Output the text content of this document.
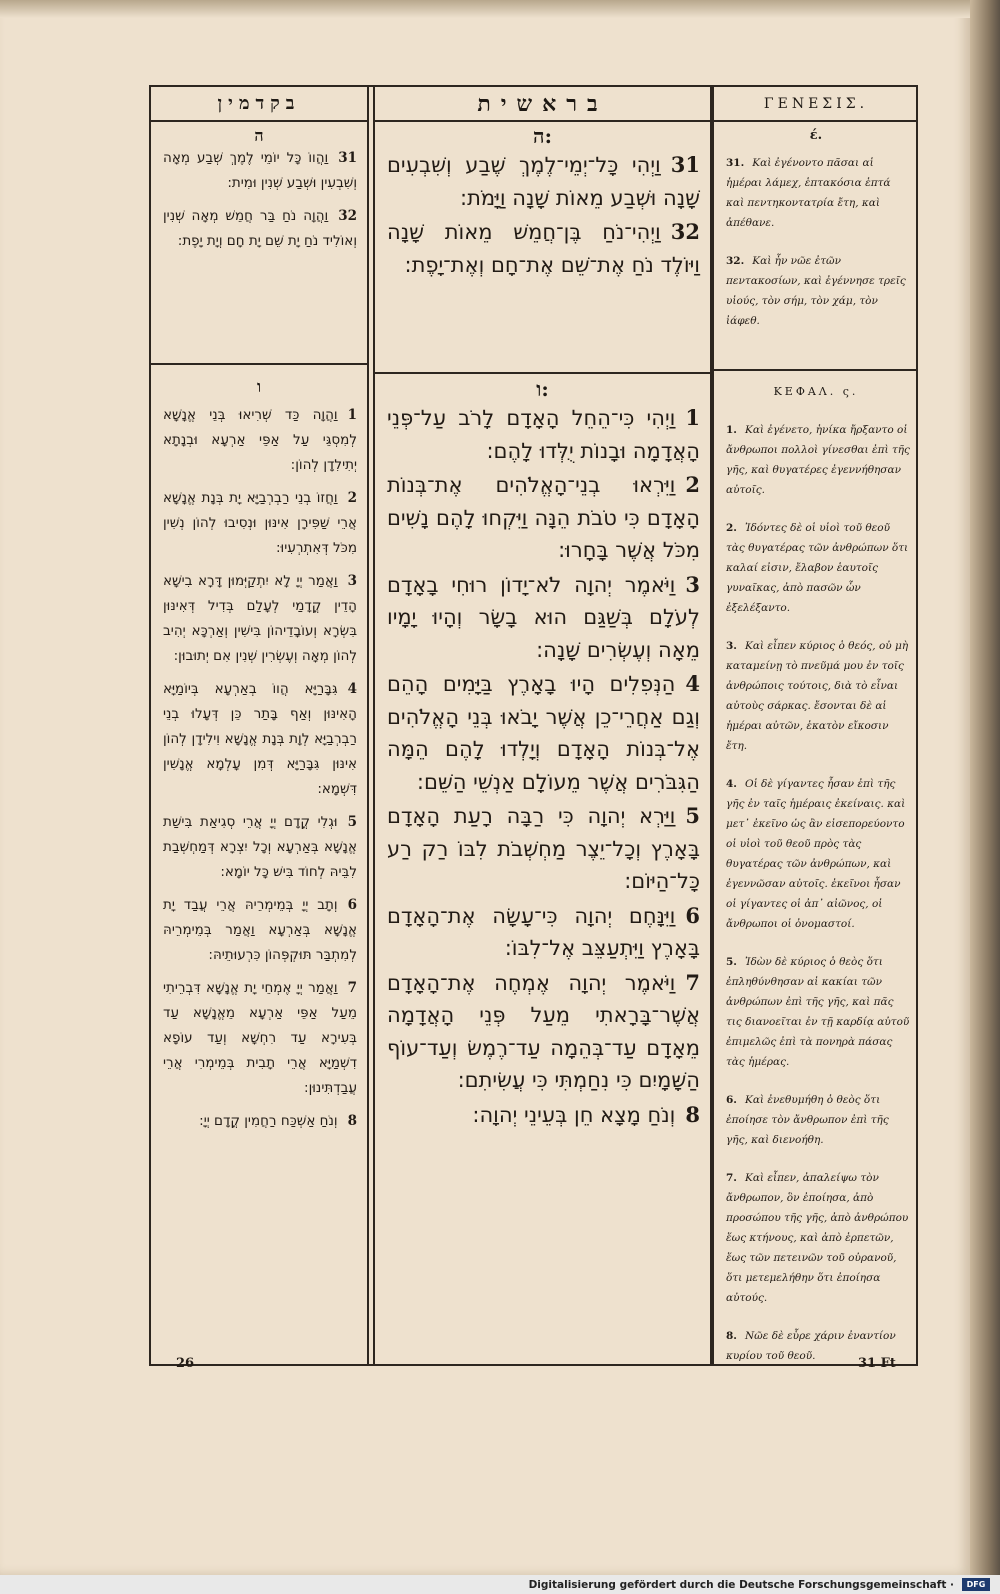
בקדמין
ה
31וַהֲווֹ כָּל יוֹמֵי לֶמֶךְ שְׁבַע מְאָה וְשִׁבְעִין וּשְׁבַע שְׁנִין וּמִית:
32וַהֲוָה נֹחַ בַּר חֲמֵשׁ מְאָה שְׁנִין וְאוֹלִיד נֹחַ יָת שֵׁם יָת חָם וְיָת יָפֶת:
ו
1וַהֲוָה כַּד שְׁרִיאוּ בְּנֵי אֱנָשָׁא לְמִסְגֵּי עַל אַפֵּי אַרְעָא וּבְנָתָא יְתִילִדָן לְהוֹן:
2וַחֲזוֹ בְנֵי רַבְרְבַיָּא יָת בְּנָת אֱנָשָׁא אֲרֵי שַׁפִּירָן אִינּוּן וּנְסִיבוּ לְהוֹן נְשִׁין מִכֹּל דְּאִתְרְעִיוּ:
3וַאֲמַר יְיָ לָא יִתְקַיְּמוּן דָּרָא בִישָׁא הָדֵין קֳדָמַי לְעָלַם בְּדִיל דְּאִינּוּן בִּשְׂרָא וְעוֹבָדֵיהוֹן בִּישִׁין וְאַרְכָּא יְהִיב לְהוֹן מְאָה וְעֶשְׂרִין שְׁנִין אִם יְתוּבוּן:
4גִּבָּרַיָּא הֲווֹ בְאַרְעָא בְּיוֹמַיָּא הָאִינּוּן וְאַף בָּתַר כֵּן דְּעָלוּ בְנֵי רַבְרְבַיָּא לְוָת בְּנָת אֱנָשָׁא וִילִידָן לְהוֹן אִינּוּן גִּבָּרַיָּא דְּמִן עָלְמָא אֱנָשִׁין דִּשְׁמָא:
5וּגְלִי קֳדָם יְיָ אֲרֵי סְגִיאַת בִּישַׁת אֱנָשָׁא בְּאַרְעָא וְכָל יִצְרָא דְּמַחְשְׁבַת לִבֵּיהּ לְחוֹד בִּישׁ כָּל יוֹמָא:
6וְתָב יְיָ בְּמֵימְרֵיהּ אֲרֵי עֲבַד יָת אֱנָשָׁא בְּאַרְעָא וַאֲמַר בְּמֵימְרֵיהּ לְמִתְבַּר תּוּקְפְּהוֹן כִּרְעוּתֵיהּ:
7וַאֲמַר יְיָ אֶמְחֵי יָת אֱנָשָׁא דִּבְרֵיתִי מֵעַל אַפֵּי אַרְעָא מֵאֱנָשָׁא עַד בְּעִירָא עַד רִחְשָׁא וְעַד עוֹפָא דִשְׁמַיָּא אֲרֵי תָבִית בְּמֵימְרִי אֲרֵי עֲבַדְתִּינוּן:
8וְנֹחַ אַשְׁכַּח רַחֲמִין קֳדָם יְיָ:
בראשית
ה:
31וַיְהִי כָּל־יְמֵי־לֶמֶךְ שֶׁבַע וְשִׁבְעִים שָׁנָה וּשְׁבַע מֵאוֹת שָׁנָה וַיָּמֹת:
32וַיְהִי־נֹחַ בֶּן־חֲמֵשׁ מֵאוֹת שָׁנָה וַיּוֹלֶד נֹחַ אֶת־שֵׁם אֶת־חָם וְאֶת־יָפֶת:
ו:
1וַיְהִי כִּי־הֵחֵל הָאָדָם לָרֹב עַל־פְּנֵי הָאֲדָמָה וּבָנוֹת יֻלְּדוּ לָהֶם:
2וַיִּרְאוּ בְנֵי־הָאֱלֹהִים אֶת־בְּנוֹת הָאָדָם כִּי טֹבֹת הֵנָּה וַיִּקְחוּ לָהֶם נָשִׁים מִכֹּל אֲשֶׁר בָּחָרוּ:
3וַיֹּאמֶר יְהוָה לֹא־יָדוֹן רוּחִי בָאָדָם לְעֹלָם בְּשַׁגַּם הוּא בָשָׂר וְהָיוּ יָמָיו מֵאָה וְעֶשְׂרִים שָׁנָה:
4הַנְּפִלִים הָיוּ בָאָרֶץ בַּיָּמִים הָהֵם וְגַם אַחֲרֵי־כֵן אֲשֶׁר יָבֹאוּ בְּנֵי הָאֱלֹהִים אֶל־בְּנוֹת הָאָדָם וְיָלְדוּ לָהֶם הֵמָּה הַגִּבֹּרִים אֲשֶׁר מֵעוֹלָם אַנְשֵׁי הַשֵּׁם:
5וַיַּרְא יְהוָה כִּי רַבָּה רָעַת הָאָדָם בָּאָרֶץ וְכָל־יֵצֶר מַחְשְׁבֹת לִבּוֹ רַק רַע כָּל־הַיּוֹם:
6וַיִּנָּחֶם יְהוָה כִּי־עָשָׂה אֶת־הָאָדָם בָּאָרֶץ וַיִּתְעַצֵּב אֶל־לִבּוֹ:
7וַיֹּאמֶר יְהוָה אֶמְחֶה אֶת־הָאָדָם אֲשֶׁר־בָּרָאתִי מֵעַל פְּנֵי הָאֲדָמָה מֵאָדָם עַד־בְּהֵמָה עַד־רֶמֶשׂ וְעַד־עוֹף הַשָּׁמָיִם כִּי נִחַמְתִּי כִּי עֲשִׂיתִם:
8וְנֹחַ מָצָא חֵן בְּעֵינֵי יְהוָה:
ΓΕΝΕΣΙΣ.
έ.
31. Καὶ ἐγένοντο πᾶσαι αἱ ἡμέραι λάμεχ, ἑπτακόσια ἑπτά καὶ πεντηκοντατρία ἔτη, καὶ ἀπέθανε.
32. Καὶ ἦν νῶε ἐτῶν πεντακοσίων, καὶ ἐγέννησε τρεῖς υἱούς, τὸν σήμ, τὸν χάμ, τὸν ἰάφεθ.
ΚΕΦΑΛ. ς.
1. Καὶ ἐγένετο, ἡνίκα ἤρξαντο οἱ ἄνθρωποι πολλοὶ γίνεσθαι ἐπὶ τῆς γῆς, καὶ θυγατέρες ἐγεννήθησαν αὐτοῖς.
2. Ἰδόντες δὲ οἱ υἱοὶ τοῦ θεοῦ τὰς θυγατέρας τῶν ἀνθρώπων ὅτι καλαί εἰσιν, ἔλαβον ἑαυτοῖς γυναῖκας, ἀπὸ πασῶν ὧν ἐξελέξαντο.
3. Καὶ εἶπεν κύριος ὁ θεός, οὐ μὴ καταμείνῃ τὸ πνεῦμά μου ἐν τοῖς ἀνθρώποις τούτοις, διὰ τὸ εἶναι αὐτοὺς σάρκας. ἔσονται δὲ αἱ ἡμέραι αὐτῶν, ἑκατὸν εἴκοσιν ἔτη.
4. Οἱ δὲ γίγαντες ἦσαν ἐπὶ τῆς γῆς ἐν ταῖς ἡμέραις ἐκείναις. καὶ μετ᾽ ἐκεῖνο ὡς ἂν εἰσεπορεύοντο οἱ υἱοὶ τοῦ θεοῦ πρὸς τὰς θυγατέρας τῶν ἀνθρώπων, καὶ ἐγεννῶσαν αὐτοῖς. ἐκεῖνοι ἦσαν οἱ γίγαντες οἱ ἀπ᾽ αἰῶνος, οἱ ἄνθρωποι οἱ ὀνομαστοί.
5. Ἰδὼν δὲ κύριος ὁ θεὸς ὅτι ἐπληθύνθησαν αἱ κακίαι τῶν ἀνθρώπων ἐπὶ τῆς γῆς, καὶ πᾶς τις διανοεῖται ἐν τῇ καρδίᾳ αὐτοῦ ἐπιμελῶς ἐπὶ τὰ πονηρὰ πάσας τὰς ἡμέρας.
6. Καὶ ἐνεθυμήθη ὁ θεὸς ὅτι ἐποίησε τὸν ἄνθρωπον ἐπὶ τῆς γῆς, καὶ διενοήθη.
7. Καὶ εἶπεν, ἀπαλείψω τὸν ἄνθρωπον, ὃν ἐποίησα, ἀπὸ προσώπου τῆς γῆς, ἀπὸ ἀνθρώπου ἕως κτήνους, καὶ ἀπὸ ἑρπετῶν, ἕως τῶν πετεινῶν τοῦ οὐρανοῦ, ὅτι μετεμελήθην ὅτι ἐποίησα αὐτούς.
8. Νῶε δὲ εὗρε χάριν ἐναντίον κυρίου τοῦ θεοῦ.
26	31 Ft
Digitalisierung gefördert durch die Deutsche Forschungsgemeinschaft ·	DFG
